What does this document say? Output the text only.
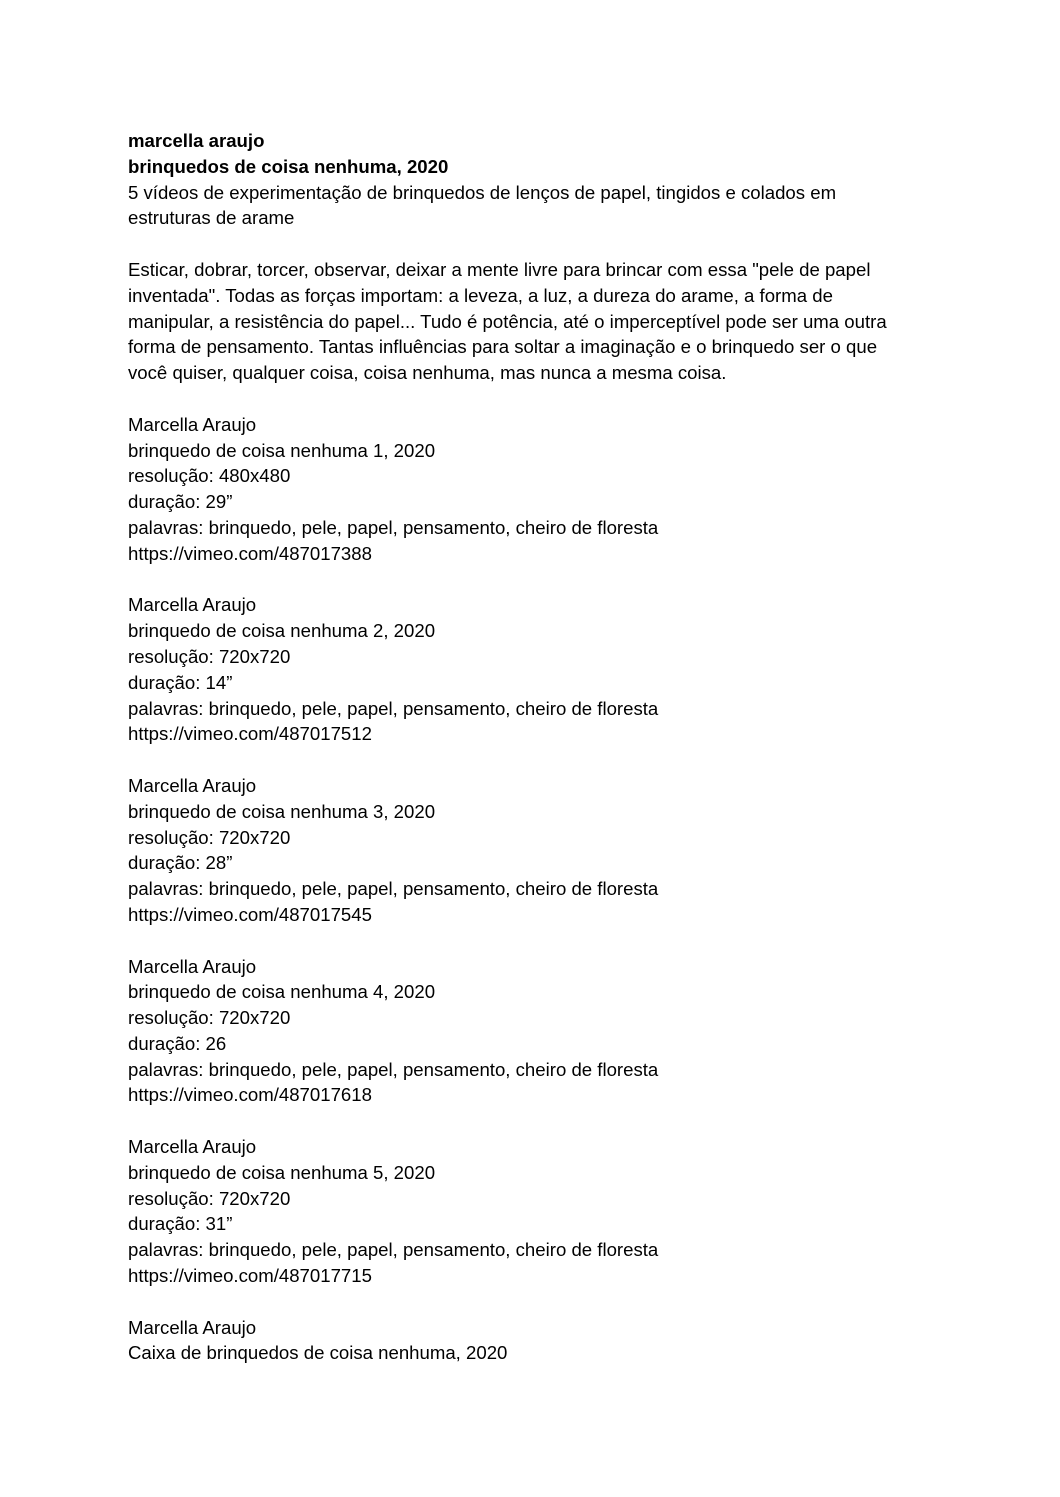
marcella araujo
brinquedos de coisa nenhuma, 2020
5 vídeos de experimentação de brinquedos de lenços de papel, tingidos e colados em
estruturas de arame
Esticar, dobrar, torcer, observar, deixar a mente livre para brincar com essa "pele de papel
inventada". Todas as forças importam: a leveza, a luz, a dureza do arame, a forma de
manipular, a resistência do papel... Tudo é potência, até o imperceptível pode ser uma outra
forma de pensamento. Tantas influências para soltar a imaginação e o brinquedo ser o que
você quiser, qualquer coisa, coisa nenhuma, mas nunca a mesma coisa.
Marcella Araujo
brinquedo de coisa nenhuma 1, 2020
resolução: 480x480
duração: 29”
palavras: brinquedo, pele, papel, pensamento, cheiro de floresta
https://vimeo.com/487017388
Marcella Araujo
brinquedo de coisa nenhuma 2, 2020
resolução: 720x720
duração: 14”
palavras: brinquedo, pele, papel, pensamento, cheiro de floresta
https://vimeo.com/487017512
Marcella Araujo
brinquedo de coisa nenhuma 3, 2020
resolução: 720x720
duração: 28”
palavras: brinquedo, pele, papel, pensamento, cheiro de floresta
https://vimeo.com/487017545
Marcella Araujo
brinquedo de coisa nenhuma 4, 2020
resolução: 720x720
duração: 26
palavras: brinquedo, pele, papel, pensamento, cheiro de floresta
https://vimeo.com/487017618
Marcella Araujo
brinquedo de coisa nenhuma 5, 2020
resolução: 720x720
duração: 31”
palavras: brinquedo, pele, papel, pensamento, cheiro de floresta
https://vimeo.com/487017715
Marcella Araujo
Caixa de brinquedos de coisa nenhuma, 2020
